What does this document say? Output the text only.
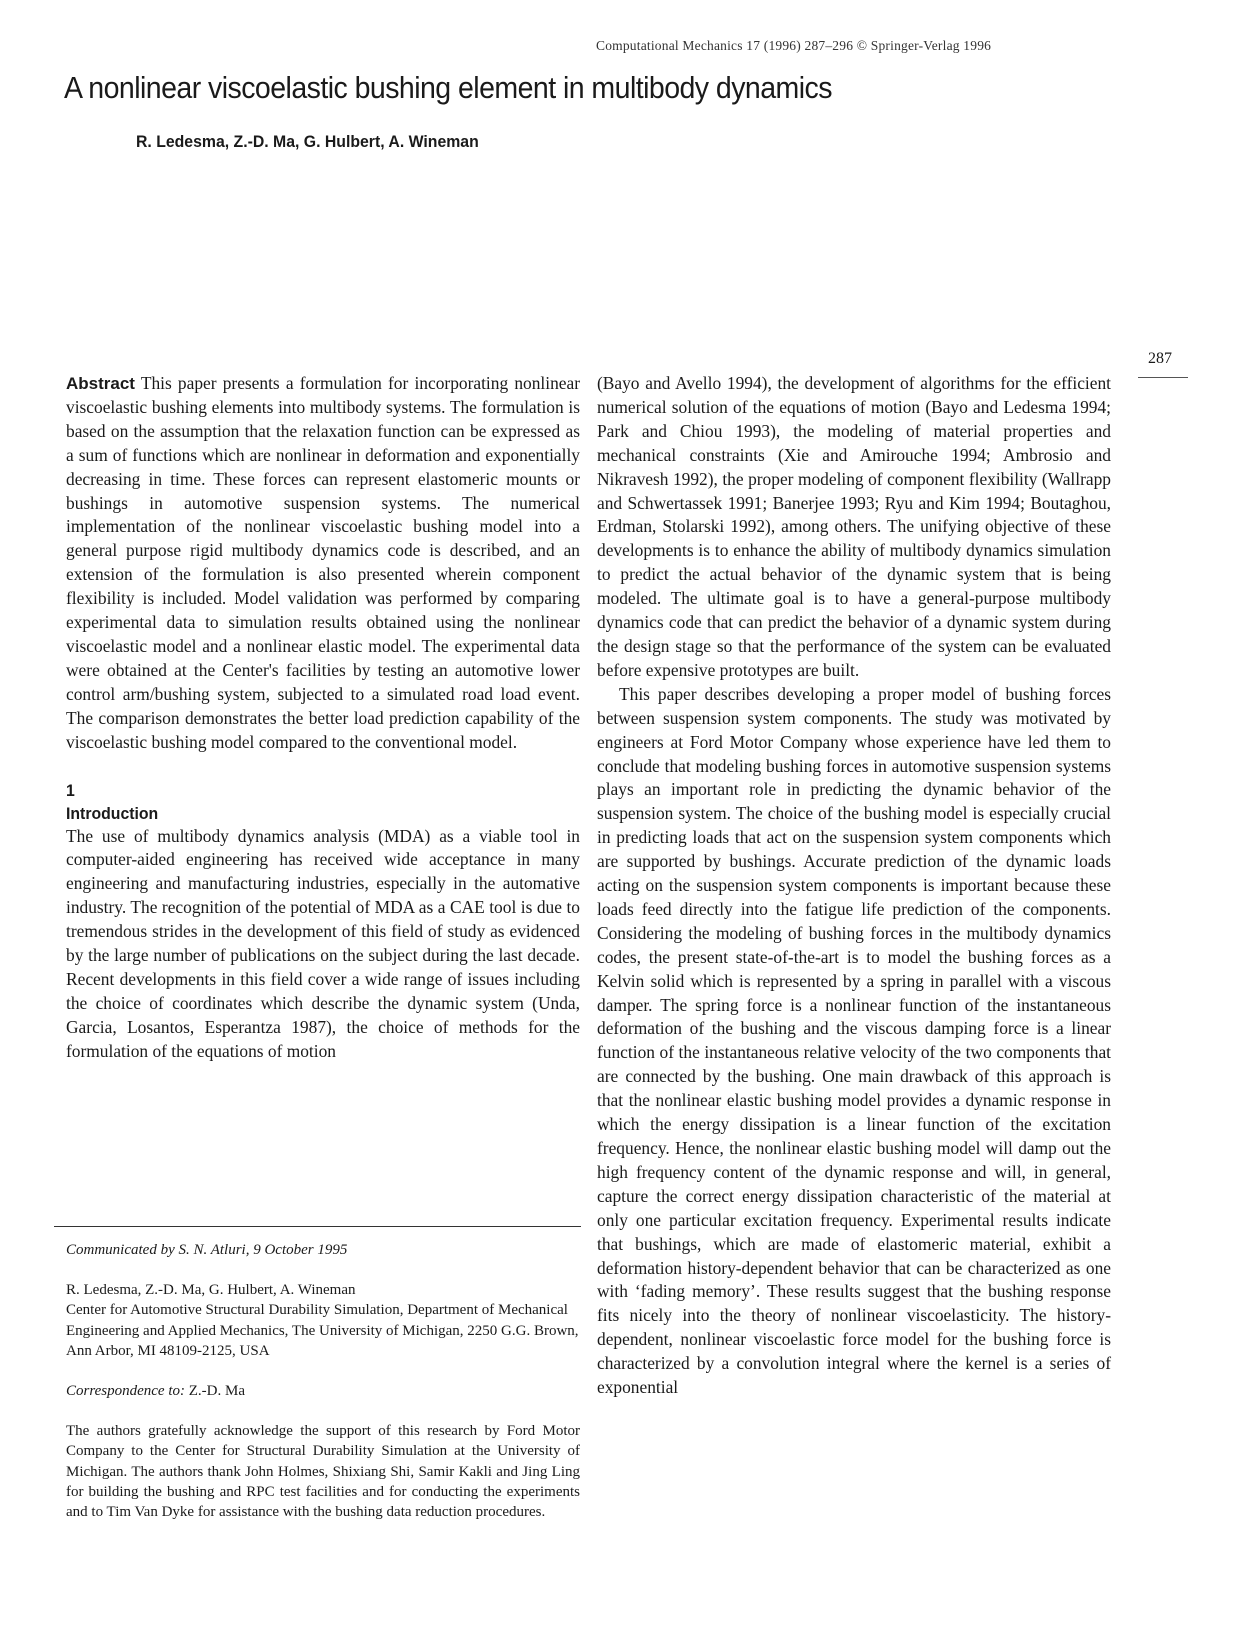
Computational Mechanics 17 (1996) 287–296 © Springer-Verlag 1996
A nonlinear viscoelastic bushing element in multibody dynamics
R. Ledesma, Z.-D. Ma, G. Hulbert, A. Wineman
287

Abstract This paper presents a formulation for incorporating nonlinear viscoelastic bushing elements into multibody systems. The formulation is based on the assumption that the relaxation function can be expressed as a sum of functions which are nonlinear in deformation and exponentially decreasing in time. These forces can represent elastomeric mounts or bushings in automotive suspension systems. The numerical implementation of the nonlinear viscoelastic bushing model into a general purpose rigid multibody dynamics code is described, and an extension of the formulation is also presented wherein component flexibility is included. Model validation was performed by comparing experimental data to simulation results obtained using the nonlinear viscoelastic model and a nonlinear elastic model. The experimental data were obtained at the Center's facilities by testing an automotive lower control arm/bushing system, subjected to a simulated road load event. The comparison demonstrates the better load prediction capability of the viscoelastic bushing model compared to the conventional model.

1
Introduction

The use of multibody dynamics analysis (MDA) as a viable tool in computer-aided engineering has received wide acceptance in many engineering and manufacturing industries, especially in the automative industry. The recognition of the potential of MDA as a CAE tool is due to tremendous strides in the development of this field of study as evidenced by the large number of publications on the subject during the last decade. Recent developments in this field cover a wide range of issues including the choice of coordinates which describe the dynamic system (Unda, Garcia, Losantos, Esperantza 1987), the choice of methods for the formulation of the equations of motion

(Bayo and Avello 1994), the development of algorithms for the efficient numerical solution of the equations of motion (Bayo and Ledesma 1994; Park and Chiou 1993), the modeling of material properties and mechanical constraints (Xie and Amirouche 1994; Ambrosio and Nikravesh 1992), the proper modeling of component flexibility (Wallrapp and Schwertassek 1991; Banerjee 1993; Ryu and Kim 1994; Boutaghou, Erdman, Stolarski 1992), among others. The unifying objective of these developments is to enhance the ability of multibody dynamics simulation to predict the actual behavior of the dynamic system that is being modeled. The ultimate goal is to have a general-purpose multibody dynamics code that can predict the behavior of a dynamic system during the design stage so that the performance of the system can be evaluated before expensive prototypes are built.

This paper describes developing a proper model of bushing forces between suspension system components. The study was motivated by engineers at Ford Motor Company whose experience have led them to conclude that modeling bushing forces in automotive suspension systems plays an important role in predicting the dynamic behavior of the suspension system. The choice of the bushing model is especially crucial in predicting loads that act on the suspension system components which are supported by bushings. Accurate prediction of the dynamic loads acting on the suspension system components is important because these loads feed directly into the fatigue life prediction of the components. Considering the modeling of bushing forces in the multibody dynamics codes, the present state-of-the-art is to model the bushing forces as a Kelvin solid which is represented by a spring in parallel with a viscous damper. The spring force is a nonlinear function of the instantaneous deformation of the bushing and the viscous damping force is a linear function of the instantaneous relative velocity of the two components that are connected by the bushing. One main drawback of this approach is that the nonlinear elastic bushing model provides a dynamic response in which the energy dissipation is a linear function of the excitation frequency. Hence, the nonlinear elastic bushing model will damp out the high frequency content of the dynamic response and will, in general, capture the correct energy dissipation characteristic of the material at only one particular excitation frequency. Experimental results indicate that bushings, which are made of elastomeric material, exhibit a deformation history-dependent behavior that can be characterized as one with ‘fading memory’. These results suggest that the bushing response fits nicely into the theory of nonlinear viscoelasticity. The history-dependent, nonlinear viscoelastic force model for the bushing force is characterized by a convolution integral where the kernel is a series of exponential

Communicated by S. N. Atluri, 9 October 1995

R. Ledesma, Z.-D. Ma, G. Hulbert, A. Wineman
Center for Automotive Structural Durability Simulation, Department of Mechanical Engineering and Applied Mechanics, The University of Michigan, 2250 G.G. Brown, Ann Arbor, MI 48109-2125, USA

Correspondence to: Z.-D. Ma

The authors gratefully acknowledge the support of this research by Ford Motor Company to the Center for Structural Durability Simulation at the University of Michigan. The authors thank John Holmes, Shixiang Shi, Samir Kakli and Jing Ling for building the bushing and RPC test facilities and for conducting the experiments and to Tim Van Dyke for assistance with the bushing data reduction procedures.
